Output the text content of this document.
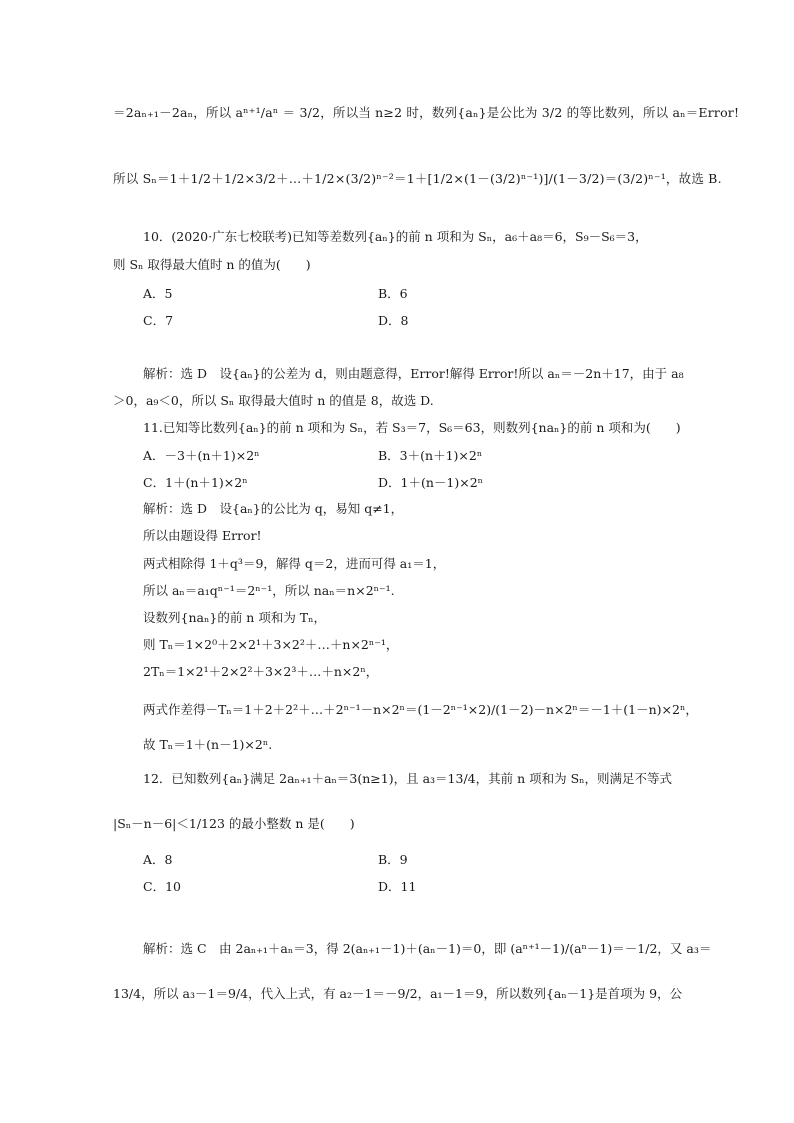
＝2aₙ₊₁－2aₙ，所以 aⁿ⁺¹/aⁿ ＝ 3/2，所以当 n≥2 时，数列{aₙ}是公比为 3/2 的等比数列，所以 aₙ＝Error!
所以 Sₙ＝1＋1/2＋1/2×3/2＋…＋1/2×(3/2)ⁿ⁻²＝1＋[1/2×(1－(3/2)ⁿ⁻¹)]/(1－3/2)＝(3/2)ⁿ⁻¹，故选 B.
10．(2020·广东七校联考)已知等差数列{aₙ}的前 n 项和为 Sₙ，a₆＋a₈＝6，S₉－S₆＝3，
则 Sₙ 取得最大值时 n 的值为(　　)
A．5	B．6
C．7	D．8
解析：选 D　设{aₙ}的公差为 d，则由题意得，Error!解得 Error!所以 aₙ＝－2n＋17，由于 a₈
＞0，a₉＜0，所以 Sₙ 取得最大值时 n 的值是 8，故选 D.
11.已知等比数列{aₙ}的前 n 项和为 Sₙ，若 S₃＝7，S₆＝63，则数列{naₙ}的前 n 项和为(　　)
A．－3＋(n＋1)×2ⁿ	B．3＋(n＋1)×2ⁿ
C．1＋(n＋1)×2ⁿ	D．1＋(n－1)×2ⁿ
解析：选 D　设{aₙ}的公比为 q，易知 q≠1，
所以由题设得 Error!
两式相除得 1＋q³＝9，解得 q＝2，进而可得 a₁＝1，
所以 aₙ＝a₁qⁿ⁻¹＝2ⁿ⁻¹，所以 naₙ＝n×2ⁿ⁻¹.
设数列{naₙ}的前 n 项和为 Tₙ，
则 Tₙ＝1×2⁰＋2×2¹＋3×2²＋…＋n×2ⁿ⁻¹，
2Tₙ＝1×2¹＋2×2²＋3×2³＋…＋n×2ⁿ，
两式作差得－Tₙ＝1＋2＋2²＋…＋2ⁿ⁻¹－n×2ⁿ＝(1－2ⁿ⁻¹×2)/(1－2)－n×2ⁿ＝－1＋(1－n)×2ⁿ，
故 Tₙ＝1＋(n－1)×2ⁿ.
12．已知数列{aₙ}满足 2aₙ₊₁＋aₙ＝3(n≥1)，且 a₃＝13/4，其前 n 项和为 Sₙ，则满足不等式
|Sₙ－n－6|＜1/123 的最小整数 n 是(　　)
A．8	B．9
C．10	D．11
解析：选 C　由 2aₙ₊₁＋aₙ＝3，得 2(aₙ₊₁－1)＋(aₙ－1)＝0，即 (aⁿ⁺¹－1)/(aⁿ－1)＝－1/2，又 a₃＝
13/4，所以 a₃－1＝9/4，代入上式，有 a₂－1＝－9/2，a₁－1＝9，所以数列{aₙ－1}是首项为 9，公
